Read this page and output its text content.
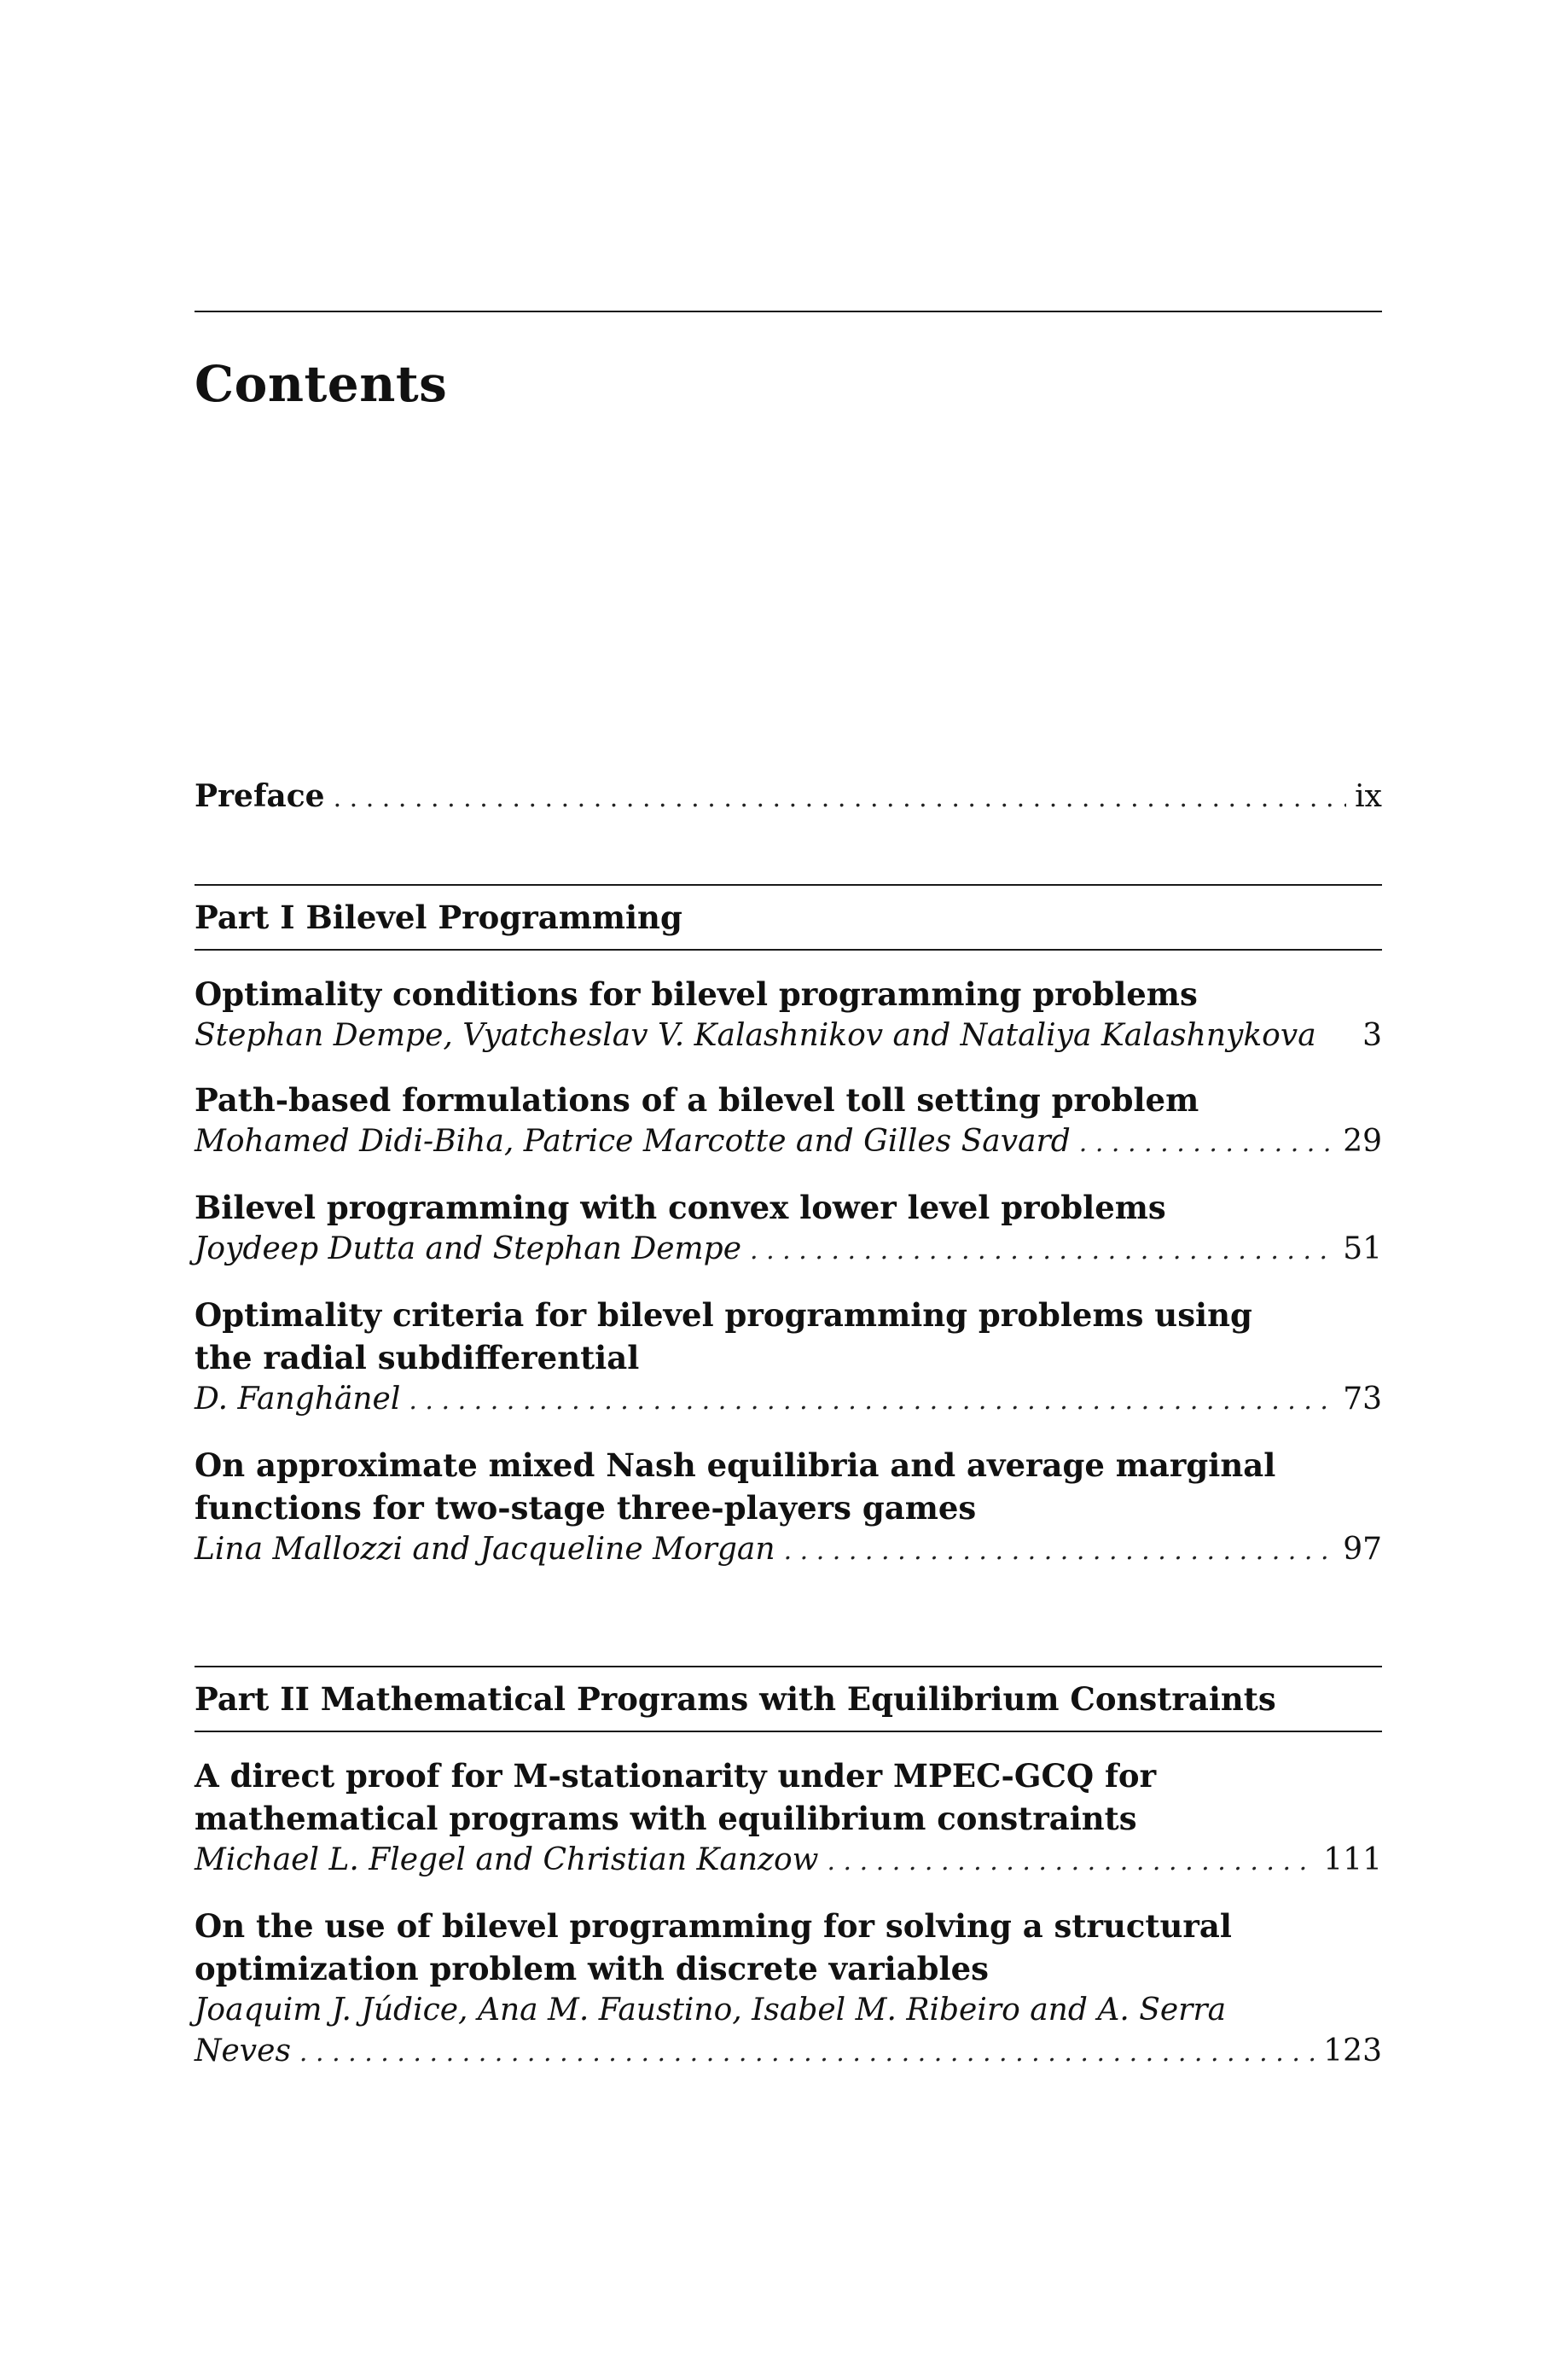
Contents
Preface . . .	ix
Part I Bilevel Programming
Optimality conditions for bilevel programming problems
Stephan Dempe, Vyatcheslav V. Kalashnikov and Nataliya Kalashnykova 3
Path-based formulations of a bilevel toll setting problem
Mohamed Didi-Biha, Patrice Marcotte and Gilles Savard . . .	29
Bilevel programming with convex lower level problems
Joydeep Dutta and Stephan Dempe . . .	51
Optimality criteria for bilevel programming problems using
the radial subdifferential
D. Fanghänel . . .	73
On approximate mixed Nash equilibria and average marginal
functions for two-stage three-players games
Lina Mallozzi and Jacqueline Morgan . . .	97
Part II Mathematical Programs with Equilibrium Constraints
A direct proof for M-stationarity under MPEC-GCQ for
mathematical programs with equilibrium constraints
Michael L. Flegel and Christian Kanzow . . .	111
On the use of bilevel programming for solving a structural
optimization problem with discrete variables
Joaquim J. Júdice, Ana M. Faustino, Isabel M. Ribeiro and A. Serra
Neves . . .	123
